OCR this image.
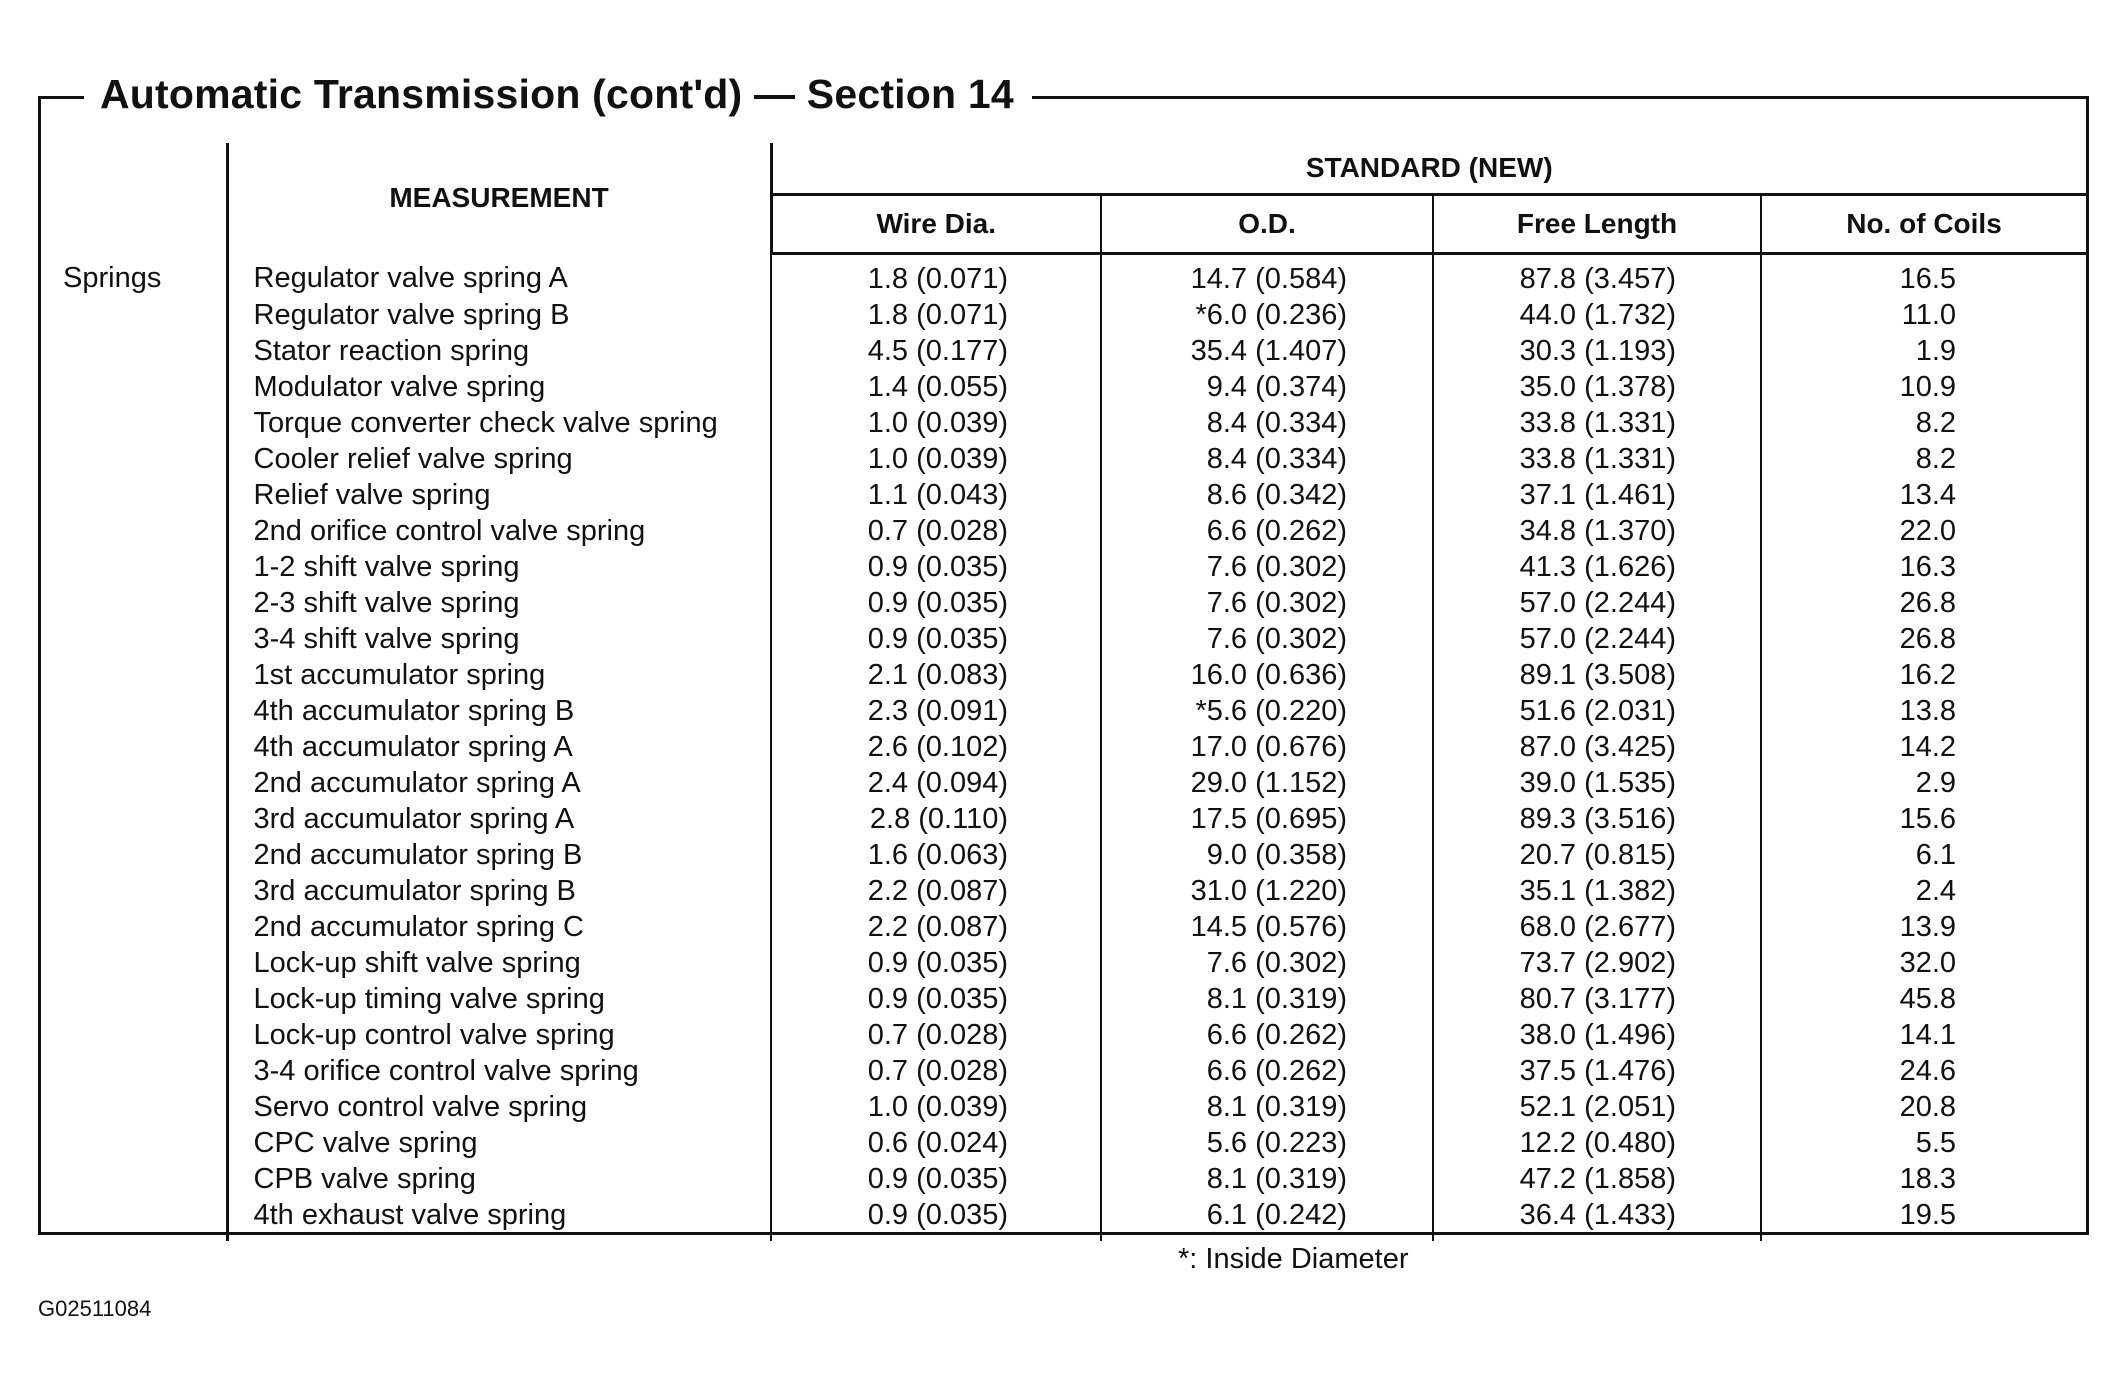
Automatic Transmission (cont'd) — Section 14
	MEASUREMENT	STANDARD (NEW)			
		Wire Dia.	O.D.	Free Length	No. of Coils
Springs	Regulator valve spring A	1.8 (0.071)	14.7 (0.584)	87.8 (3.457)	16.5
	Regulator valve spring B	1.8 (0.071)	*6.0 (0.236)	44.0 (1.732)	11.0
	Stator reaction spring	4.5 (0.177)	35.4 (1.407)	30.3 (1.193)	1.9
	Modulator valve spring	1.4 (0.055)	9.4 (0.374)	35.0 (1.378)	10.9
	Torque converter check valve spring	1.0 (0.039)	8.4 (0.334)	33.8 (1.331)	8.2
	Cooler relief valve spring	1.0 (0.039)	8.4 (0.334)	33.8 (1.331)	8.2
	Relief valve spring	1.1 (0.043)	8.6 (0.342)	37.1 (1.461)	13.4
	2nd orifice control valve spring	0.7 (0.028)	6.6 (0.262)	34.8 (1.370)	22.0
	1-2 shift valve spring	0.9 (0.035)	7.6 (0.302)	41.3 (1.626)	16.3
	2-3 shift valve spring	0.9 (0.035)	7.6 (0.302)	57.0 (2.244)	26.8
	3-4 shift valve spring	0.9 (0.035)	7.6 (0.302)	57.0 (2.244)	26.8
	1st accumulator spring	2.1 (0.083)	16.0 (0.636)	89.1 (3.508)	16.2
	4th accumulator spring B	2.3 (0.091)	*5.6 (0.220)	51.6 (2.031)	13.8
	4th accumulator spring A	2.6 (0.102)	17.0 (0.676)	87.0 (3.425)	14.2
	2nd accumulator spring A	2.4 (0.094)	29.0 (1.152)	39.0 (1.535)	2.9
	3rd accumulator spring A	2.8 (0.110)	17.5 (0.695)	89.3 (3.516)	15.6
	2nd accumulator spring B	1.6 (0.063)	9.0 (0.358)	20.7 (0.815)	6.1
	3rd accumulator spring B	2.2 (0.087)	31.0 (1.220)	35.1 (1.382)	2.4
	2nd accumulator spring C	2.2 (0.087)	14.5 (0.576)	68.0 (2.677)	13.9
	Lock-up shift valve spring	0.9 (0.035)	7.6 (0.302)	73.7 (2.902)	32.0
	Lock-up timing valve spring	0.9 (0.035)	8.1 (0.319)	80.7 (3.177)	45.8
	Lock-up control valve spring	0.7 (0.028)	6.6 (0.262)	38.0 (1.496)	14.1
	3-4 orifice control valve spring	0.7 (0.028)	6.6 (0.262)	37.5 (1.476)	24.6
	Servo control valve spring	1.0 (0.039)	8.1 (0.319)	52.1 (2.051)	20.8
	CPC valve spring	0.6 (0.024)	5.6 (0.223)	12.2 (0.480)	5.5
	CPB valve spring	0.9 (0.035)	8.1 (0.319)	47.2 (1.858)	18.3
	4th exhaust valve spring	0.9 (0.035)	6.1 (0.242)	36.4 (1.433)	19.5
*: Inside Diameter
G02511084
